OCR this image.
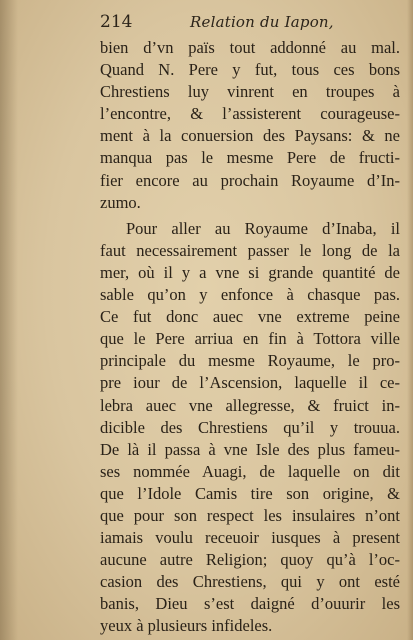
214	Relation du Iapon,
bien d’vn païs tout addonné au mal.
Quand N. Pere y fut, tous ces bons
Chrestiens luy vinrent en troupes à
l’encontre, & l’assisterent courageuse-
ment à la conuersion des Paysans: & ne
manqua pas le mesme Pere de fructi-
fier encore au prochain Royaume d’In-
zumo.
Pour aller au Royaume d’Inaba, il
faut necessairement passer le long de la
mer, où il y a vne si grande quantité de
sable qu’on y enfonce à chasque pas.
Ce fut donc auec vne extreme peine
que le Pere arriua en fin à Tottora ville
principale du mesme Royaume, le pro-
pre iour de l’Ascension, laquelle il ce-
lebra auec vne allegresse, & fruict in-
dicible des Chrestiens qu’il y trouua.
De là il passa à vne Isle des plus fameu-
ses nommée Auagi, de laquelle on dit
que l’Idole Camis tire son origine, &
que pour son respect les insulaires n’ont
iamais voulu receuoir iusques à present
aucune autre Religion; quoy qu’à l’oc-
casion des Chrestiens, qui y ont esté
banis, Dieu s’est daigné d’ouurir les
yeux à plusieurs infideles.
